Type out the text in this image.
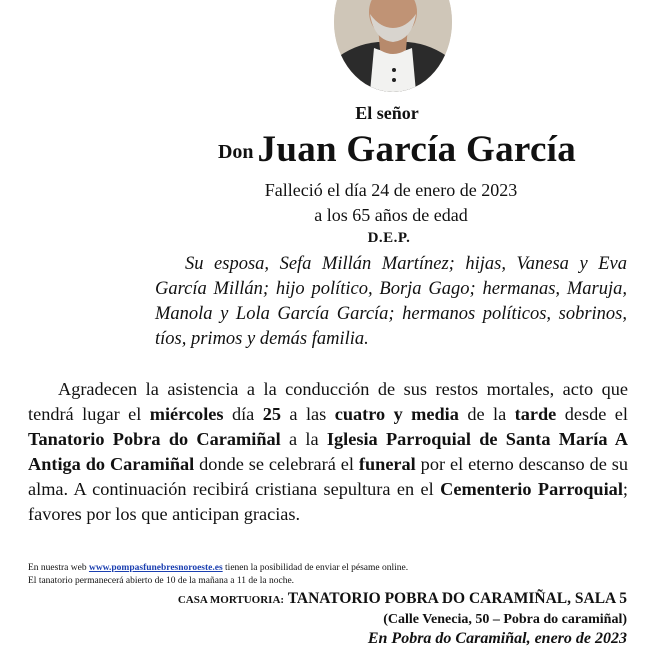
El señor
Don Juan García García
Falleció el día 24 de enero de 2023
a los 65 años de edad
D.E.P.
Su esposa, Sefa Millán Martínez; hijas, Vanesa y Eva García Millán; hijo político, Borja Gago; hermanas, Maruja, Manola y Lola García García; hermanos políticos, sobrinos, tíos, primos y demás familia.
Agradecen la asistencia a la conducción de sus restos mortales, acto que tendrá lugar el miércoles día 25 a las cuatro y media de la tarde desde el Tanatorio Pobra do Caramiñal a la Iglesia Parroquial de Santa María A Antiga do Caramiñal donde se celebrará el funeral por el eterno descanso de su alma. A continuación recibirá cristiana sepultura en el Cementerio Parroquial; favores por los que anticipan gracias.
En nuestra web www.pompasfunebresnoroeste.es tienen la posibilidad de enviar el pésame online.
El tanatorio permanecerá abierto de 10 de la mañana a 11 de la noche.
CASA MORTUORIA: TANATORIO POBRA DO CARAMIÑAL, SALA 5
(Calle Venecia, 50 – Pobra do caramiñal)
En Pobra do Caramiñal, enero de 2023
